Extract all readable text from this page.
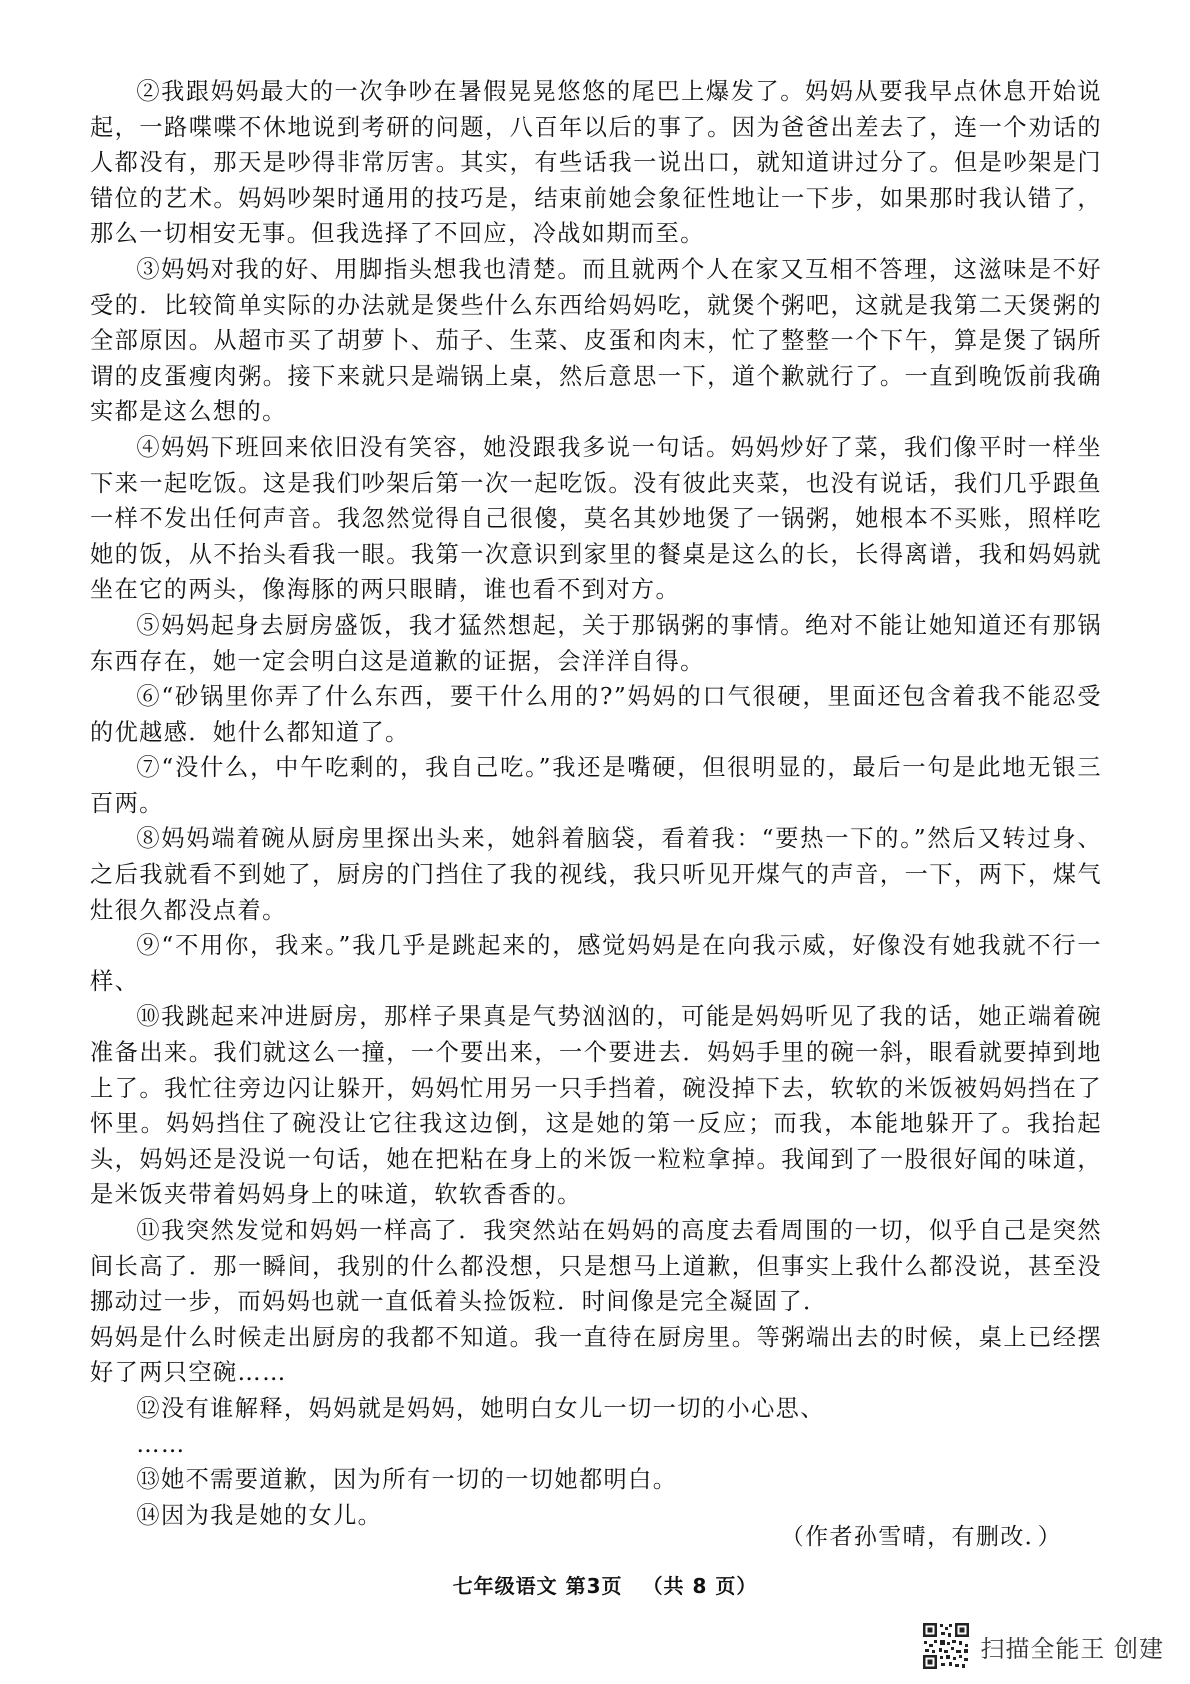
②我跟妈妈最大的一次争吵在暑假晃晃悠悠的尾巴上爆发了。妈妈从要我早点休息开始说起，一路喋喋不休地说到考研的问题，八百年以后的事了。因为爸爸出差去了，连一个劝话的人都没有，那天是吵得非常厉害。其实，有些话我一说出口，就知道讲过分了。但是吵架是门错位的艺术。妈妈吵架时通用的技巧是，结束前她会象征性地让一下步，如果那时我认错了，那么一切相安无事。但我选择了不回应，冷战如期而至。

③妈妈对我的好、用脚指头想我也清楚。而且就两个人在家又互相不答理，这滋味是不好受的．比较简单实际的办法就是煲些什么东西给妈妈吃，就煲个粥吧，这就是我第二天煲粥的全部原因。从超市买了胡萝卜、茄子、生菜、皮蛋和肉末，忙了整整一个下午，算是煲了锅所谓的皮蛋瘦肉粥。接下来就只是端锅上桌，然后意思一下，道个歉就行了。一直到晚饭前我确实都是这么想的。

④妈妈下班回来依旧没有笑容，她没跟我多说一句话。妈妈炒好了菜，我们像平时一样坐下来一起吃饭。这是我们吵架后第一次一起吃饭。没有彼此夹菜，也没有说话，我们几乎跟鱼一样不发出任何声音。我忽然觉得自己很傻，莫名其妙地煲了一锅粥，她根本不买账，照样吃她的饭，从不抬头看我一眼。我第一次意识到家里的餐桌是这么的长，长得离谱，我和妈妈就坐在它的两头，像海豚的两只眼睛，谁也看不到对方。

⑤妈妈起身去厨房盛饭，我才猛然想起，关于那锅粥的事情。绝对不能让她知道还有那锅东西存在，她一定会明白这是道歉的证据，会洋洋自得。

⑥“砂锅里你弄了什么东西，要干什么用的?”妈妈的口气很硬，里面还包含着我不能忍受的优越感．她什么都知道了。

⑦“没什么，中午吃剩的，我自己吃。”我还是嘴硬，但很明显的，最后一句是此地无银三百两。

⑧妈妈端着碗从厨房里探出头来，她斜着脑袋，看着我：“要热一下的。”然后又转过身、之后我就看不到她了，厨房的门挡住了我的视线，我只听见开煤气的声音，一下，两下，煤气灶很久都没点着。

⑨“不用你，我来。”我几乎是跳起来的，感觉妈妈是在向我示威，好像没有她我就不行一样、

⑩我跳起来冲进厨房，那样子果真是气势汹汹的，可能是妈妈听见了我的话，她正端着碗准备出来。我们就这么一撞，一个要出来，一个要进去．妈妈手里的碗一斜，眼看就要掉到地上了。我忙往旁边闪让躲开，妈妈忙用另一只手挡着，碗没掉下去，软软的米饭被妈妈挡在了怀里。妈妈挡住了碗没让它往我这边倒，这是她的第一反应；而我，本能地躲开了。我抬起头，妈妈还是没说一句话，她在把粘在身上的米饭一粒粒拿掉。我闻到了一股很好闻的味道，是米饭夹带着妈妈身上的味道，软软香香的。

⑪我突然发觉和妈妈一样高了．我突然站在妈妈的高度去看周围的一切，似乎自己是突然间长高了．那一瞬间，我别的什么都没想，只是想马上道歉，但事实上我什么都没说，甚至没挪动过一步，而妈妈也就一直低着头捡饭粒．时间像是完全凝固了．

妈妈是什么时候走出厨房的我都不知道。我一直待在厨房里。等粥端出去的时候，桌上已经摆好了两只空碗……

⑫没有谁解释，妈妈就是妈妈，她明白女儿一切一切的小心思、

……

⑬她不需要道歉，因为所有一切的一切她都明白。

⑭因为我是她的女儿。

（作者孙雪晴，有删改．）
七年级语文 第3页 （共 8 页）
扫描全能王 创建
